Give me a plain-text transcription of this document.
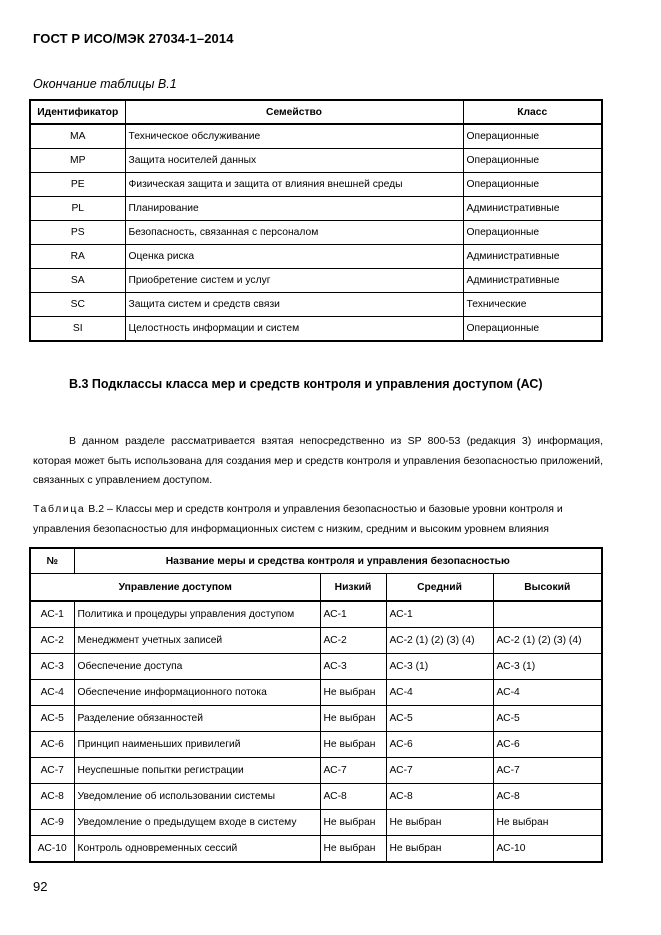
ГОСТ Р ИСО/МЭК 27034-1–2014
Окончание таблицы В.1
Идентификатор	Семейство	Класс
МА	Техническое обслуживание	Операционные
МР	Защита носителей данных	Операционные
РЕ	Физическая защита и защита от влияния внешней среды	Операционные
PL	Планирование	Административные
PS	Безопасность, связанная с персоналом	Операционные
RA	Оценка риска	Административные
SA	Приобретение систем и услуг	Административные
SC	Защита систем и средств связи	Технические
SI	Целостность информации и систем	Операционные
В.3 Подклассы класса мер и средств контроля и управления доступом (АС)
В данном разделе рассматривается взятая непосредственно из SP 800-53 (редакция 3) информация, которая может быть использована для создания мер и средств контроля и управления безопасностью приложений, связанных с управлением доступом.
Таблица В.2 – Классы мер и средств контроля и управления безопасностью и базовые уровни контроля и управления безопасностью для информационных систем с низким, средним и высоким уровнем влияния
№	Название меры и средства контроля и управления безопасностью			
Управление доступом		Низкий	Средний	Высокий
АС-1	Политика и процедуры управления доступом	АС-1	АС-1	
АС-2	Менеджмент учетных записей	АС-2	АС-2 (1) (2) (3) (4)	АС-2 (1) (2) (3) (4)
АС-3	Обеспечение доступа	АС-3	АС-3 (1)	АС-3 (1)
АС-4	Обеспечение информационного потока	Не выбран	АС-4	АС-4
АС-5	Разделение обязанностей	Не выбран	АС-5	АС-5
АС-6	Принцип наименьших привилегий	Не выбран	АС-6	АС-6
АС-7	Неуспешные попытки регистрации	АС-7	АС-7	АС-7
АС-8	Уведомление об использовании системы	АС-8	АС-8	АС-8
АС-9	Уведомление о предыдущем входе в систему	Не выбран	Не выбран	Не выбран
АС-10	Контроль одновременных сессий	Не выбран	Не выбран	АС-10
92
